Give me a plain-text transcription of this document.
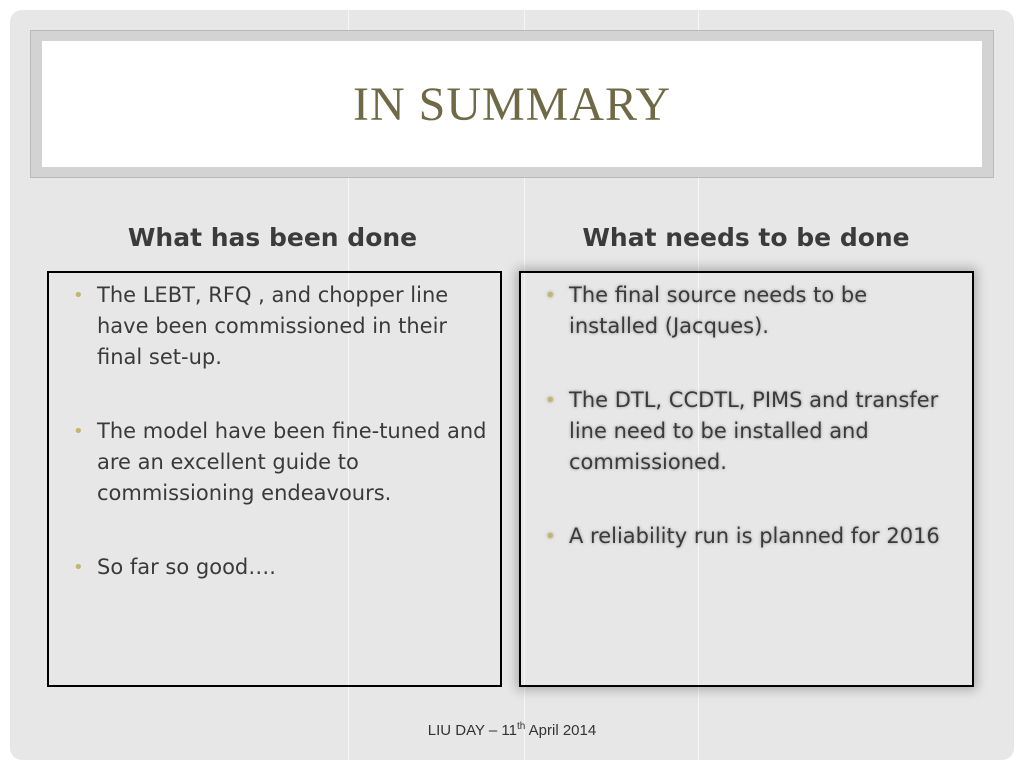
IN SUMMARY
What has been done	What needs to be done
• The LEBT, RFQ , and chopper line have been commissioned in their final set-up.
• The model have been fine-tuned and are an excellent guide to commissioning endeavours.
• So far so good….
• The final source needs to be installed (Jacques).
• The DTL, CCDTL, PIMS and transfer line need to be installed and commissioned.
• A reliability run is planned for 2016
LIU DAY – 11th April 2014
